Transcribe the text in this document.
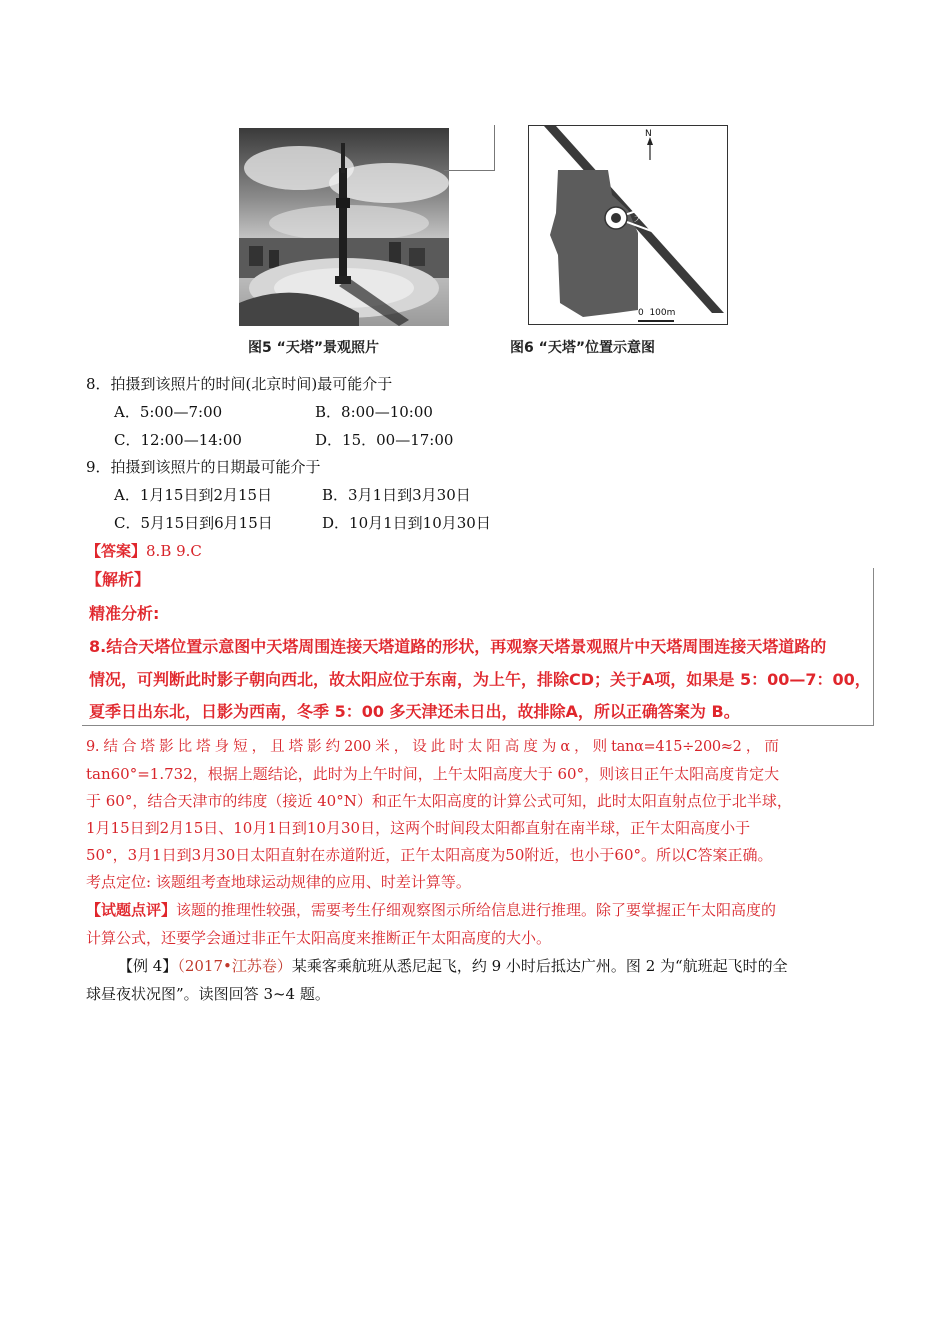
图5 “天塔”景观照片
N
天塔
0  100m
图6 “天塔”位置示意图
8．拍摄到该照片的时间(北京时间)最可能介于
A．5:00—7:00	B．8:00—10:00
C．12:00—14:00	D．15．00—17:00
9．拍摄到该照片的日期最可能介于
A．1月15日到2月15日	B．3月1日到3月30日
C．5月15日到6月15日	D．10月1日到10月30日
【答案】8.B 9.C
【解析】
精准分析:
8.结合天塔位置示意图中天塔周围连接天塔道路的形状，再观察天塔景观照片中天塔周围连接天塔道路的
情况，可判断此时影子朝向西北，故太阳应位于东南，为上午，排除CD；关于A项，如果是 5：00—7：00，
夏季日出东北，日影为西南，冬季 5：00 多天津还未日出，故排除A，所以正确答案为 B。
9. 结 合 塔 影 比 塔 身 短 ， 且 塔 影 约 200 米 ， 设 此 时 太 阳 高 度 为 α ， 则 tanα=415÷200≈2 ， 而
tan60°=1.732，根据上题结论，此时为上午时间，上午太阳高度大于 60°，则该日正午太阳高度肯定大
于 60°，结合天津市的纬度（接近 40°N）和正午太阳高度的计算公式可知，此时太阳直射点位于北半球，
1月15日到2月15日、10月1日到10月30日，这两个时间段太阳都直射在南半球，正午太阳高度小于
50°，3月1日到3月30日太阳直射在赤道附近，正午太阳高度为50附近，也小于60°。所以C答案正确。
考点定位: 该题组考查地球运动规律的应用、时差计算等。
【试题点评】该题的推理性较强，需要考生仔细观察图示所给信息进行推理。除了要掌握正午太阳高度的
计算公式，还要学会通过非正午太阳高度来推断正午太阳高度的大小。
【例 4】（2017•江苏卷）某乘客乘航班从悉尼起飞，约 9 小时后抵达广州。图 2 为“航班起飞时的全
球昼夜状况图”。读图回答 3~4 题。
